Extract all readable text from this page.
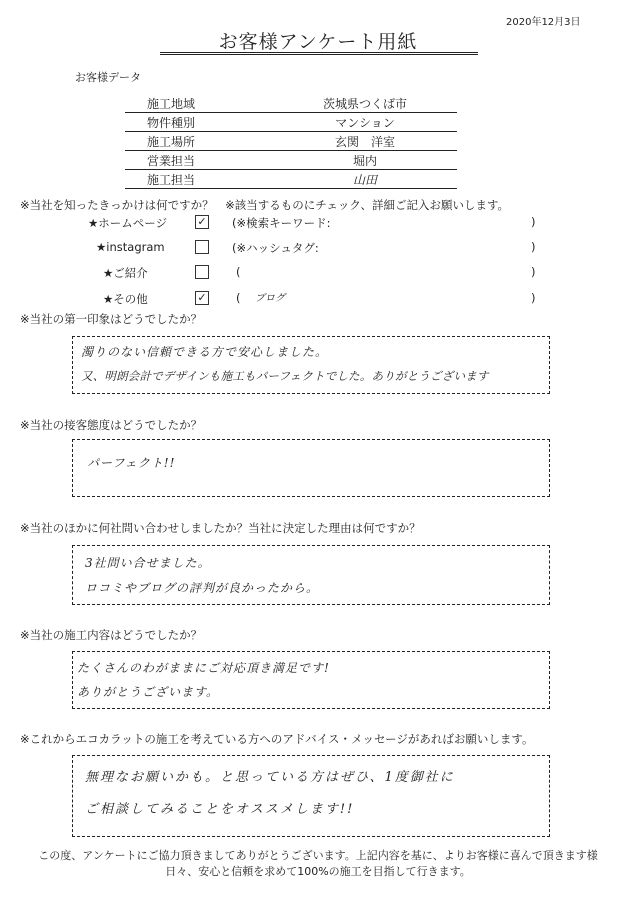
2020年12月3日
お客様アンケート用紙
お客様データ
施工地域	茨城県つくば市
物件種別	マンション
施工場所	玄関　洋室
営業担当	堀内
施工担当	山田
※当社を知ったきっかけは何ですか？　※該当するものにチェック、詳細ご記入お願いします。
★ホームページ	✓ (※検索キーワード:	)
★instagram	(※ハッシュタグ:	)
★ご紹介	(	)
★その他	✓	( ブログ	)
※当社の第一印象はどうでしたか？
濁りのない信頼できる方で安心しました。
又、明朗会計でデザインも施工もパーフェクトでした。ありがとうございます
※当社の接客態度はどうでしたか？
パーフェクト!!
※当社のほかに何社問い合わせしましたか？当社に決定した理由は何ですか？
3社問い合せました。
ロコミやブログの評判が良かったから。
※当社の施工内容はどうでしたか？
たくさんのわがままにご対応頂き満足です!
ありがとうございます。
※これからエコカラットの施工を考えている方へのアドバイス・メッセージがあればお願いします。
無理なお願いかも。と思っている方はぜひ、1度御社に
ご相談してみることをオススメします!!
この度、アンケートにご協力頂きましてありがとうございます。上記内容を基に、よりお客様に喜んで頂きます様
日々、安心と信頼を求めて100%の施工を目指して行きます。
